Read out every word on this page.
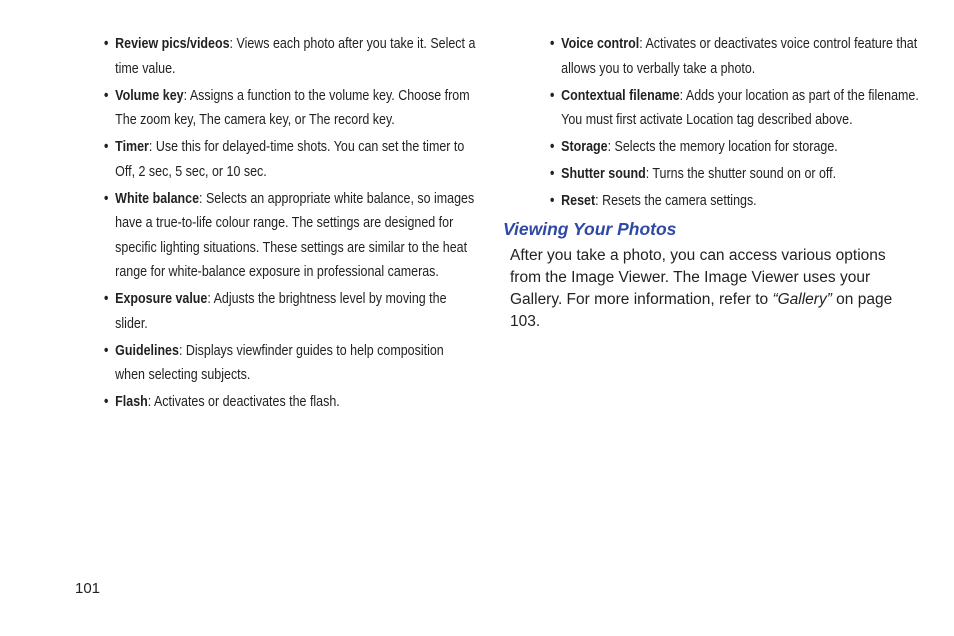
• Review pics/videos: Views each photo after you take it. Select a time value.
• Volume key: Assigns a function to the volume key. Choose from The zoom key, The camera key, or The record key.
• Timer: Use this for delayed-time shots. You can set the timer to Off, 2 sec, 5 sec, or 10 sec.
• White balance: Selects an appropriate white balance, so images have a true-to-life colour range. The settings are designed for specific lighting situations. These settings are similar to the heat range for white-balance exposure in professional cameras.
• Exposure value: Adjusts the brightness level by moving the slider.
• Guidelines: Displays viewfinder guides to help composition when selecting subjects.
• Flash: Activates or deactivates the flash.
• Voice control: Activates or deactivates voice control feature that allows you to verbally take a photo.
• Contextual filename: Adds your location as part of the filename. You must first activate Location tag described above.
• Storage: Selects the memory location for storage.
• Shutter sound: Turns the shutter sound on or off.
• Reset: Resets the camera settings.
Viewing Your Photos

After you take a photo, you can access various options from the Image Viewer. The Image Viewer uses your Gallery. For more information, refer to “Gallery” on page 103.

101
